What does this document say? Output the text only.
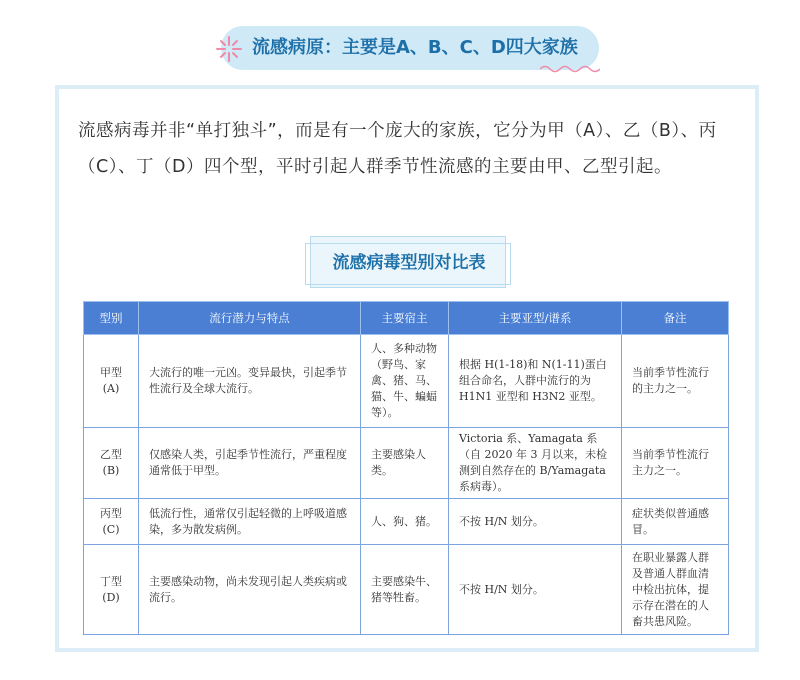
流感病原：主要是A、B、C、D四大家族

流感病毒并非“单打独斗”，而是有一个庞大的家族，它分为甲（A）、乙（B）、丙（C）、丁（D）四个型，平时引起人群季节性流感的主要由甲、乙型引起。

流感病毒型别对比表
型别	流行潜力与特点	主要宿主	主要亚型/谱系	备注

甲型
(A)	大流行的唯一元凶。变异最快，引起季节性流行及全球大流行。	人、多种动物（野鸟、家禽、猪、马、猫、牛、蝙蝠等）。	根据 H(1-18)和 N(1-11)蛋白组合命名，人群中流行的为 H1N1 亚型和 H3N2 亚型。	当前季节性流行的主力之一。

乙型
(B)	仅感染人类，引起季节性流行，严重程度通常低于甲型。	主要感染人类。	Victoria 系、Yamagata 系（自 2020 年 3 月以来，未检测到自然存在的 B/Yamagata 系病毒）。	当前季节性流行主力之一。

丙型
(C)	低流行性，通常仅引起轻微的上呼吸道感染，多为散发病例。	人、狗、猪。	不按 H/N 划分。	症状类似普通感冒。

丁型
(D)	主要感染动物，尚未发现引起人类疾病或流行。	主要感染牛、猪等牲畜。	不按 H/N 划分。	在职业暴露人群及普通人群血清中检出抗体，提示存在潜在的人畜共患风险。
